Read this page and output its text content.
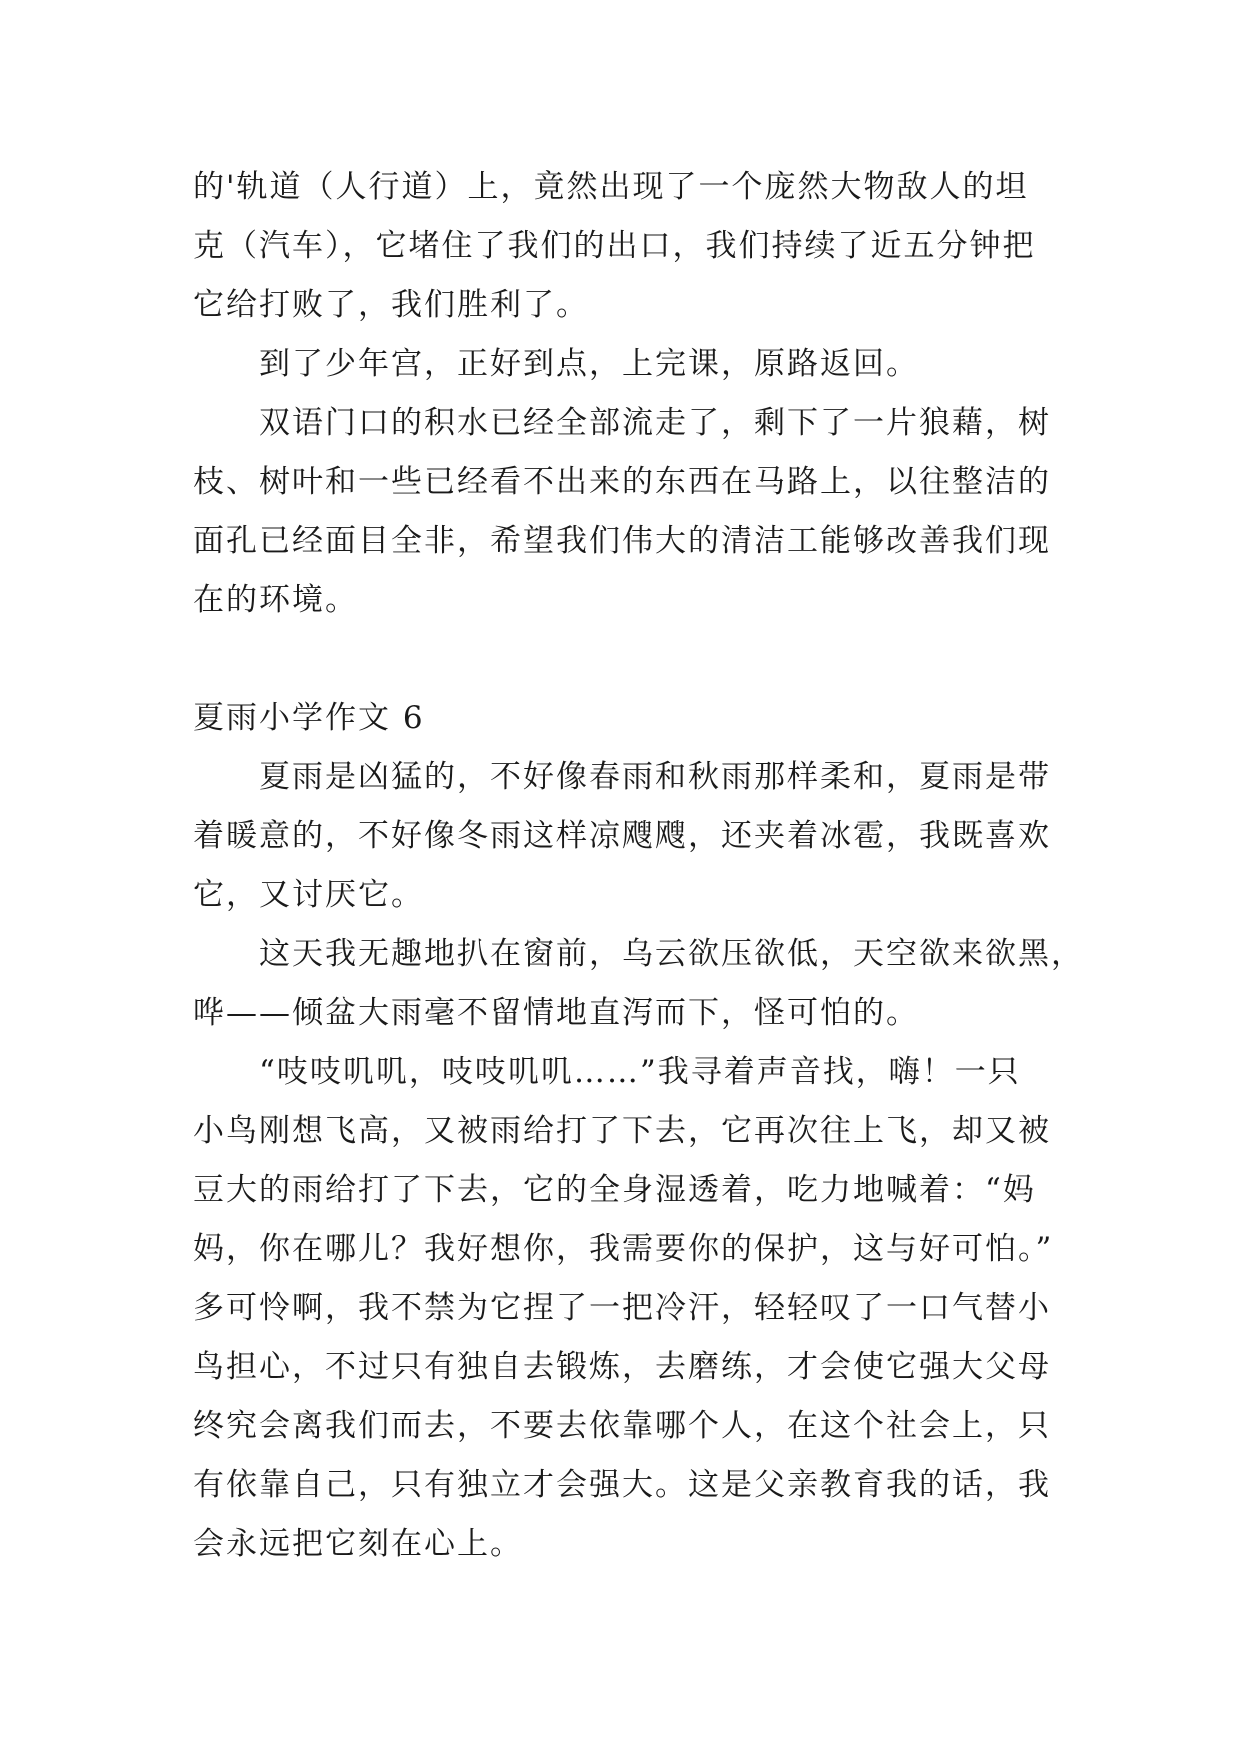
的'轨道（人行道）上，竟然出现了一个庞然大物敌人的坦
克（汽车），它堵住了我们的出口，我们持续了近五分钟把
它给打败了，我们胜利了。
到了少年宫，正好到点，上完课，原路返回。
双语门口的积水已经全部流走了，剩下了一片狼藉，树
枝、树叶和一些已经看不出来的东西在马路上，以往整洁的
面孔已经面目全非，希望我们伟大的清洁工能够改善我们现
在的环境。
夏雨小学作文 6
夏雨是凶猛的，不好像春雨和秋雨那样柔和，夏雨是带
着暖意的，不好像冬雨这样凉飕飕，还夹着冰雹，我既喜欢
它，又讨厌它。
这天我无趣地扒在窗前，乌云欲压欲低，天空欲来欲黑，
哗——倾盆大雨毫不留情地直泻而下，怪可怕的。
“吱吱叽叽，吱吱叽叽……”我寻着声音找，嗨！一只
小鸟刚想飞高，又被雨给打了下去，它再次往上飞，却又被
豆大的雨给打了下去，它的全身湿透着，吃力地喊着：“妈
妈，你在哪儿？我好想你，我需要你的保护，这与好可怕。”
多可怜啊，我不禁为它捏了一把冷汗，轻轻叹了一口气替小
鸟担心，不过只有独自去锻炼，去磨练，才会使它强大父母
终究会离我们而去，不要去依靠哪个人，在这个社会上，只
有依靠自己，只有独立才会强大。这是父亲教育我的话，我
会永远把它刻在心上。
